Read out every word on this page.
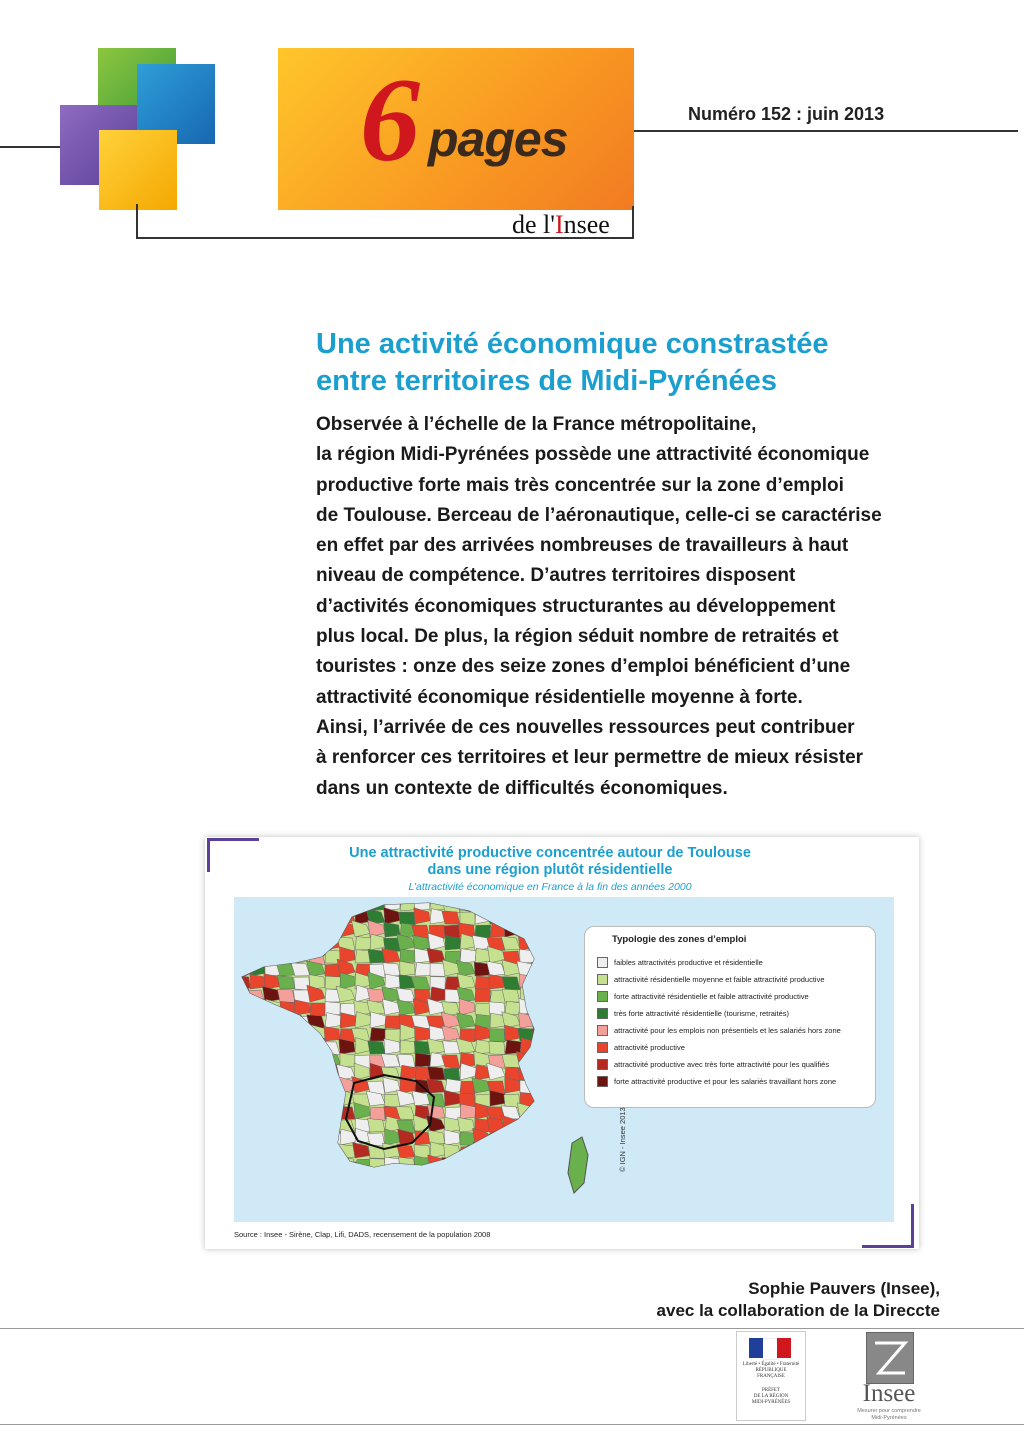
6 pages
de l'Insee
Numéro 152 : juin 2013
Une activité économique constrastée
entre territoires de Midi-Pyrénées

Observée à l’échelle de la France métropolitaine,

la région Midi-Pyrénées possède une attractivité économique

productive forte mais très concentrée sur la zone d’emploi

de Toulouse. Berceau de l’aéronautique, celle-ci se caractérise

en effet par des arrivées nombreuses de travailleurs à haut

niveau de compétence. D’autres territoires disposent

d’activités économiques structurantes au développement

plus local. De plus, la région séduit nombre de retraités et

touristes : onze des seize zones d’emploi bénéficient d’une

attractivité économique résidentielle moyenne à forte.

Ainsi, l’arrivée de ces nouvelles ressources peut contribuer

à renforcer ces territoires et leur permettre de mieux résister

dans un contexte de difficultés économiques.

Une attractivité productive concentrée autour de Toulouse
dans une région plutôt résidentielle
L’attractivité économique en France à la fin des années 2000
Typologie des zones d’emploi
faibles attractivités productive et résidentielle
attractivité résidentielle moyenne et faible attractivité productive
forte attractivité résidentielle et faible attractivité productive
très forte attractivité résidentielle (tourisme, retraités)
attractivité pour les emplois non présentiels et les salariés hors zone
attractivité productive
attractivité productive avec très forte attractivité pour les qualifiés
forte attractivité productive et pour les salariés travaillant hors zone
© IGN - Insee 2013
Source : Insee - Sirène, Clap, Lifi, DADS, recensement de la population 2008
Sophie Pauvers (Insee),
avec la collaboration de la Direccte
Liberté • Égalité • Fraternité
RÉPUBLIQUE FRANÇAISE
PRÉFET
DE LA RÉGION
MIDI-PYRÉNÉES	Insee
Mesurer pour comprendre
Midi-Pyrénées
